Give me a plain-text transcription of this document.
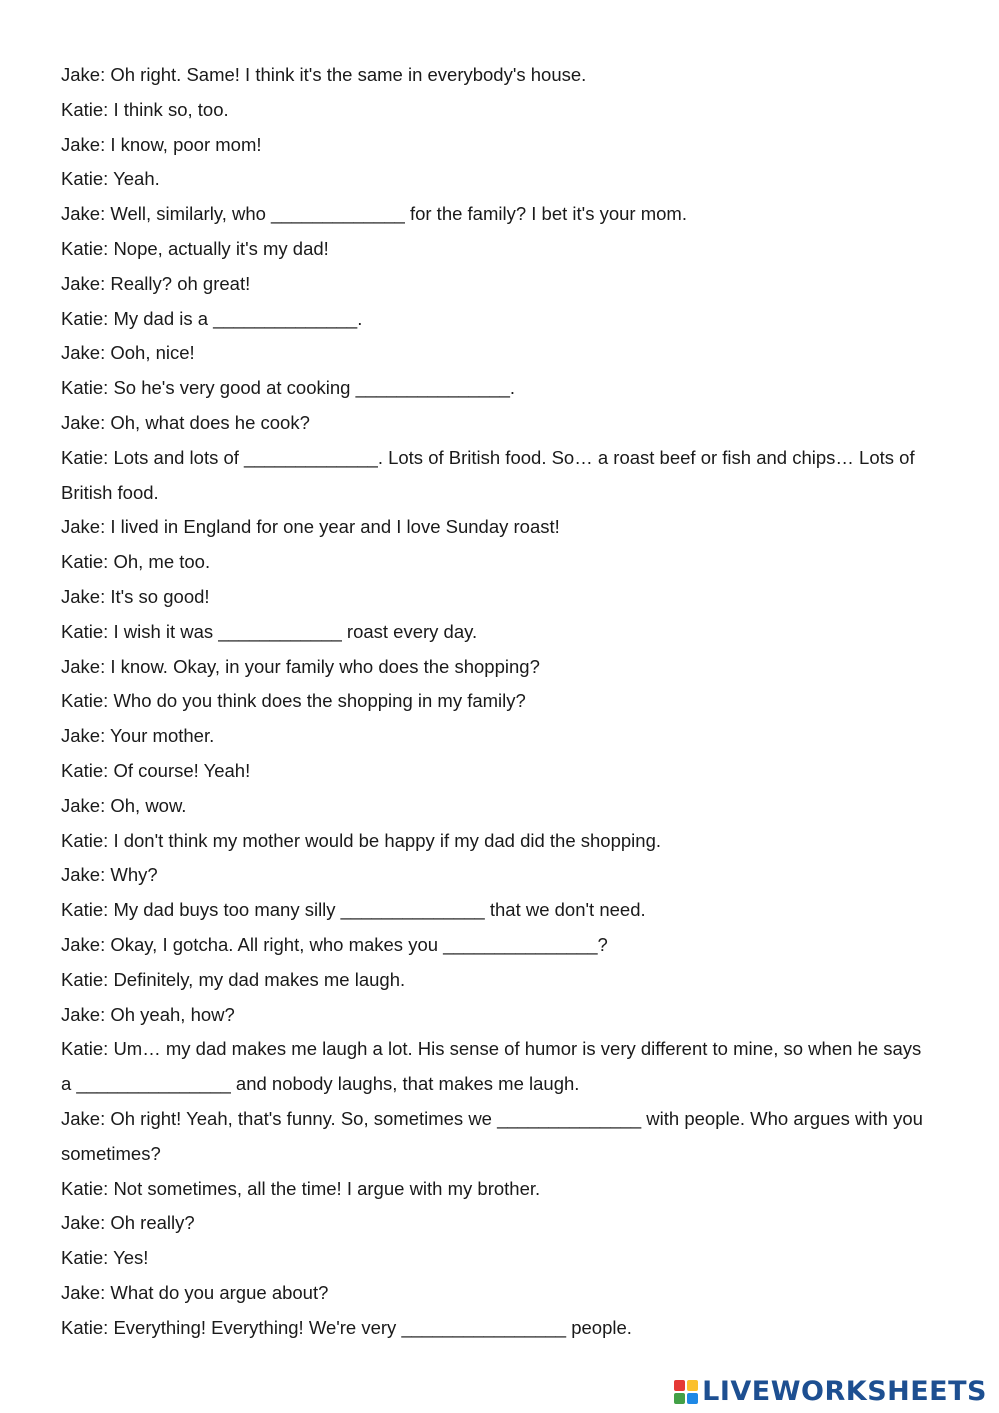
Jake: Oh right. Same! I think it's the same in everybody's house.

Katie: I think so, too.

Jake: I know, poor mom!

Katie: Yeah.

Jake: Well, similarly, who _____________ for the family? I bet it's your mom.

Katie: Nope, actually it's my dad!

Jake: Really? oh great!

Katie: My dad is a ______________.

Jake: Ooh, nice!

Katie: So he's very good at cooking _______________.

Jake: Oh, what does he cook?

Katie: Lots and lots of _____________. Lots of British food. So… a roast beef or fish and chips… Lots of British food.

Jake: I lived in England for one year and I love Sunday roast!

Katie: Oh, me too.

Jake: It's so good!

Katie: I wish it was ____________ roast every day.

Jake: I know. Okay, in your family who does the shopping?

Katie: Who do you think does the shopping in my family?

Jake: Your mother.

Katie: Of course! Yeah!

Jake: Oh, wow.

Katie: I don't think my mother would be happy if my dad did the shopping.

Jake: Why?

Katie: My dad buys too many silly ______________ that we don't need.

Jake: Okay, I gotcha. All right, who makes you _______________?

Katie: Definitely, my dad makes me laugh.

Jake: Oh yeah, how?

Katie: Um… my dad makes me laugh a lot. His sense of humor is very different to mine, so when he says a _______________ and nobody laughs, that makes me laugh.

Jake: Oh right! Yeah, that's funny. So, sometimes we ______________ with people. Who argues with you sometimes?

Katie: Not sometimes, all the time! I argue with my brother.

Jake: Oh really?

Katie: Yes!

Jake: What do you argue about?

Katie: Everything! Everything! We're very ________________ people.

LIVEWORKSHEETS
